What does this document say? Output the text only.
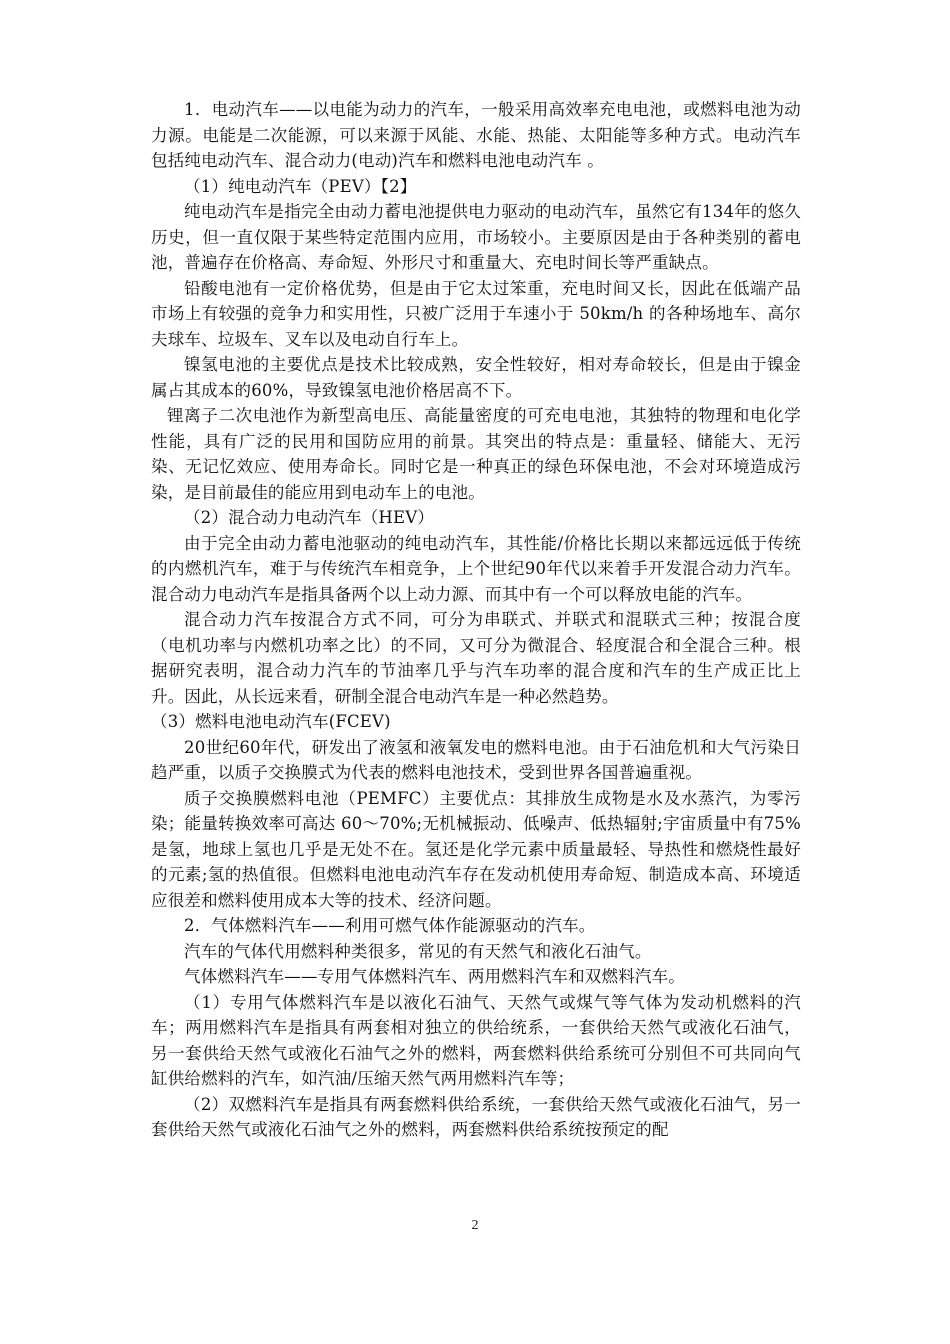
1．电动汽车——以电能为动力的汽车，一般采用高效率充电电池，或燃料电池为动力源。电能是二次能源，可以来源于风能、水能、热能、太阳能等多种方式。电动汽车包括纯电动汽车、混合动力(电动)汽车和燃料电池电动汽车 。

（1）纯电动汽车（PEV）【2】

纯电动汽车是指完全由动力蓄电池提供电力驱动的电动汽车，虽然它有134年的悠久历史，但一直仅限于某些特定范围内应用，市场较小。主要原因是由于各种类别的蓄电池，普遍存在价格高、寿命短、外形尺寸和重量大、充电时间长等严重缺点。

铅酸电池有一定价格优势，但是由于它太过笨重，充电时间又长，因此在低端产品市场上有较强的竞争力和实用性，只被广泛用于车速小于 50km/h 的各种场地车、高尔夫球车、垃圾车、叉车以及电动自行车上。

镍氢电池的主要优点是技术比较成熟，安全性较好，相对寿命较长，但是由于镍金属占其成本的60%，导致镍氢电池价格居高不下。

锂离子二次电池作为新型高电压、高能量密度的可充电电池，其独特的物理和电化学性能，具有广泛的民用和国防应用的前景。其突出的特点是：重量轻、储能大、无污染、无记忆效应、使用寿命长。同时它是一种真正的绿色环保电池，不会对环境造成污染，是目前最佳的能应用到电动车上的电池。

（2）混合动力电动汽车（HEV）

由于完全由动力蓄电池驱动的纯电动汽车，其性能/价格比长期以来都远远低于传统的内燃机汽车，难于与传统汽车相竞争，上个世纪90年代以来着手开发混合动力汽车。混合动力电动汽车是指具备两个以上动力源、而其中有一个可以释放电能的汽车。

混合动力汽车按混合方式不同，可分为串联式、并联式和混联式三种；按混合度（电机功率与内燃机功率之比）的不同，又可分为微混合、轻度混合和全混合三种。根据研究表明，混合动力汽车的节油率几乎与汽车功率的混合度和汽车的生产成正比上升。因此，从长远来看，研制全混合电动汽车是一种必然趋势。

（3）燃料电池电动汽车(FCEV)

20世纪60年代，研发出了液氢和液氧发电的燃料电池。由于石油危机和大气污染日趋严重，以质子交换膜式为代表的燃料电池技术，受到世界各国普遍重视。

质子交换膜燃料电池（PEMFC）主要优点：其排放生成物是水及水蒸汽，为零污染；能量转换效率可高达 60～70%;无机械振动、低噪声、低热辐射;宇宙质量中有75%是氢，地球上氢也几乎是无处不在。氢还是化学元素中质量最轻、导热性和燃烧性最好的元素;氢的热值很。但燃料电池电动汽车存在发动机使用寿命短、制造成本高、环境适应很差和燃料使用成本大等的技术、经济问题。

2．气体燃料汽车——利用可燃气体作能源驱动的汽车。

汽车的气体代用燃料种类很多，常见的有天然气和液化石油气。

气体燃料汽车——专用气体燃料汽车、两用燃料汽车和双燃料汽车。

（1）专用气体燃料汽车是以液化石油气、天然气或煤气等气体为发动机燃料的汽车；两用燃料汽车是指具有两套相对独立的供给统系，一套供给天然气或液化石油气，另一套供给天然气或液化石油气之外的燃料，两套燃料供给系统可分别但不可共同向气缸供给燃料的汽车，如汽油/压缩天然气两用燃料汽车等；

（2）双燃料汽车是指具有两套燃料供给系统，一套供给天然气或液化石油气，另一套供给天然气或液化石油气之外的燃料，两套燃料供给系统按预定的配

2
